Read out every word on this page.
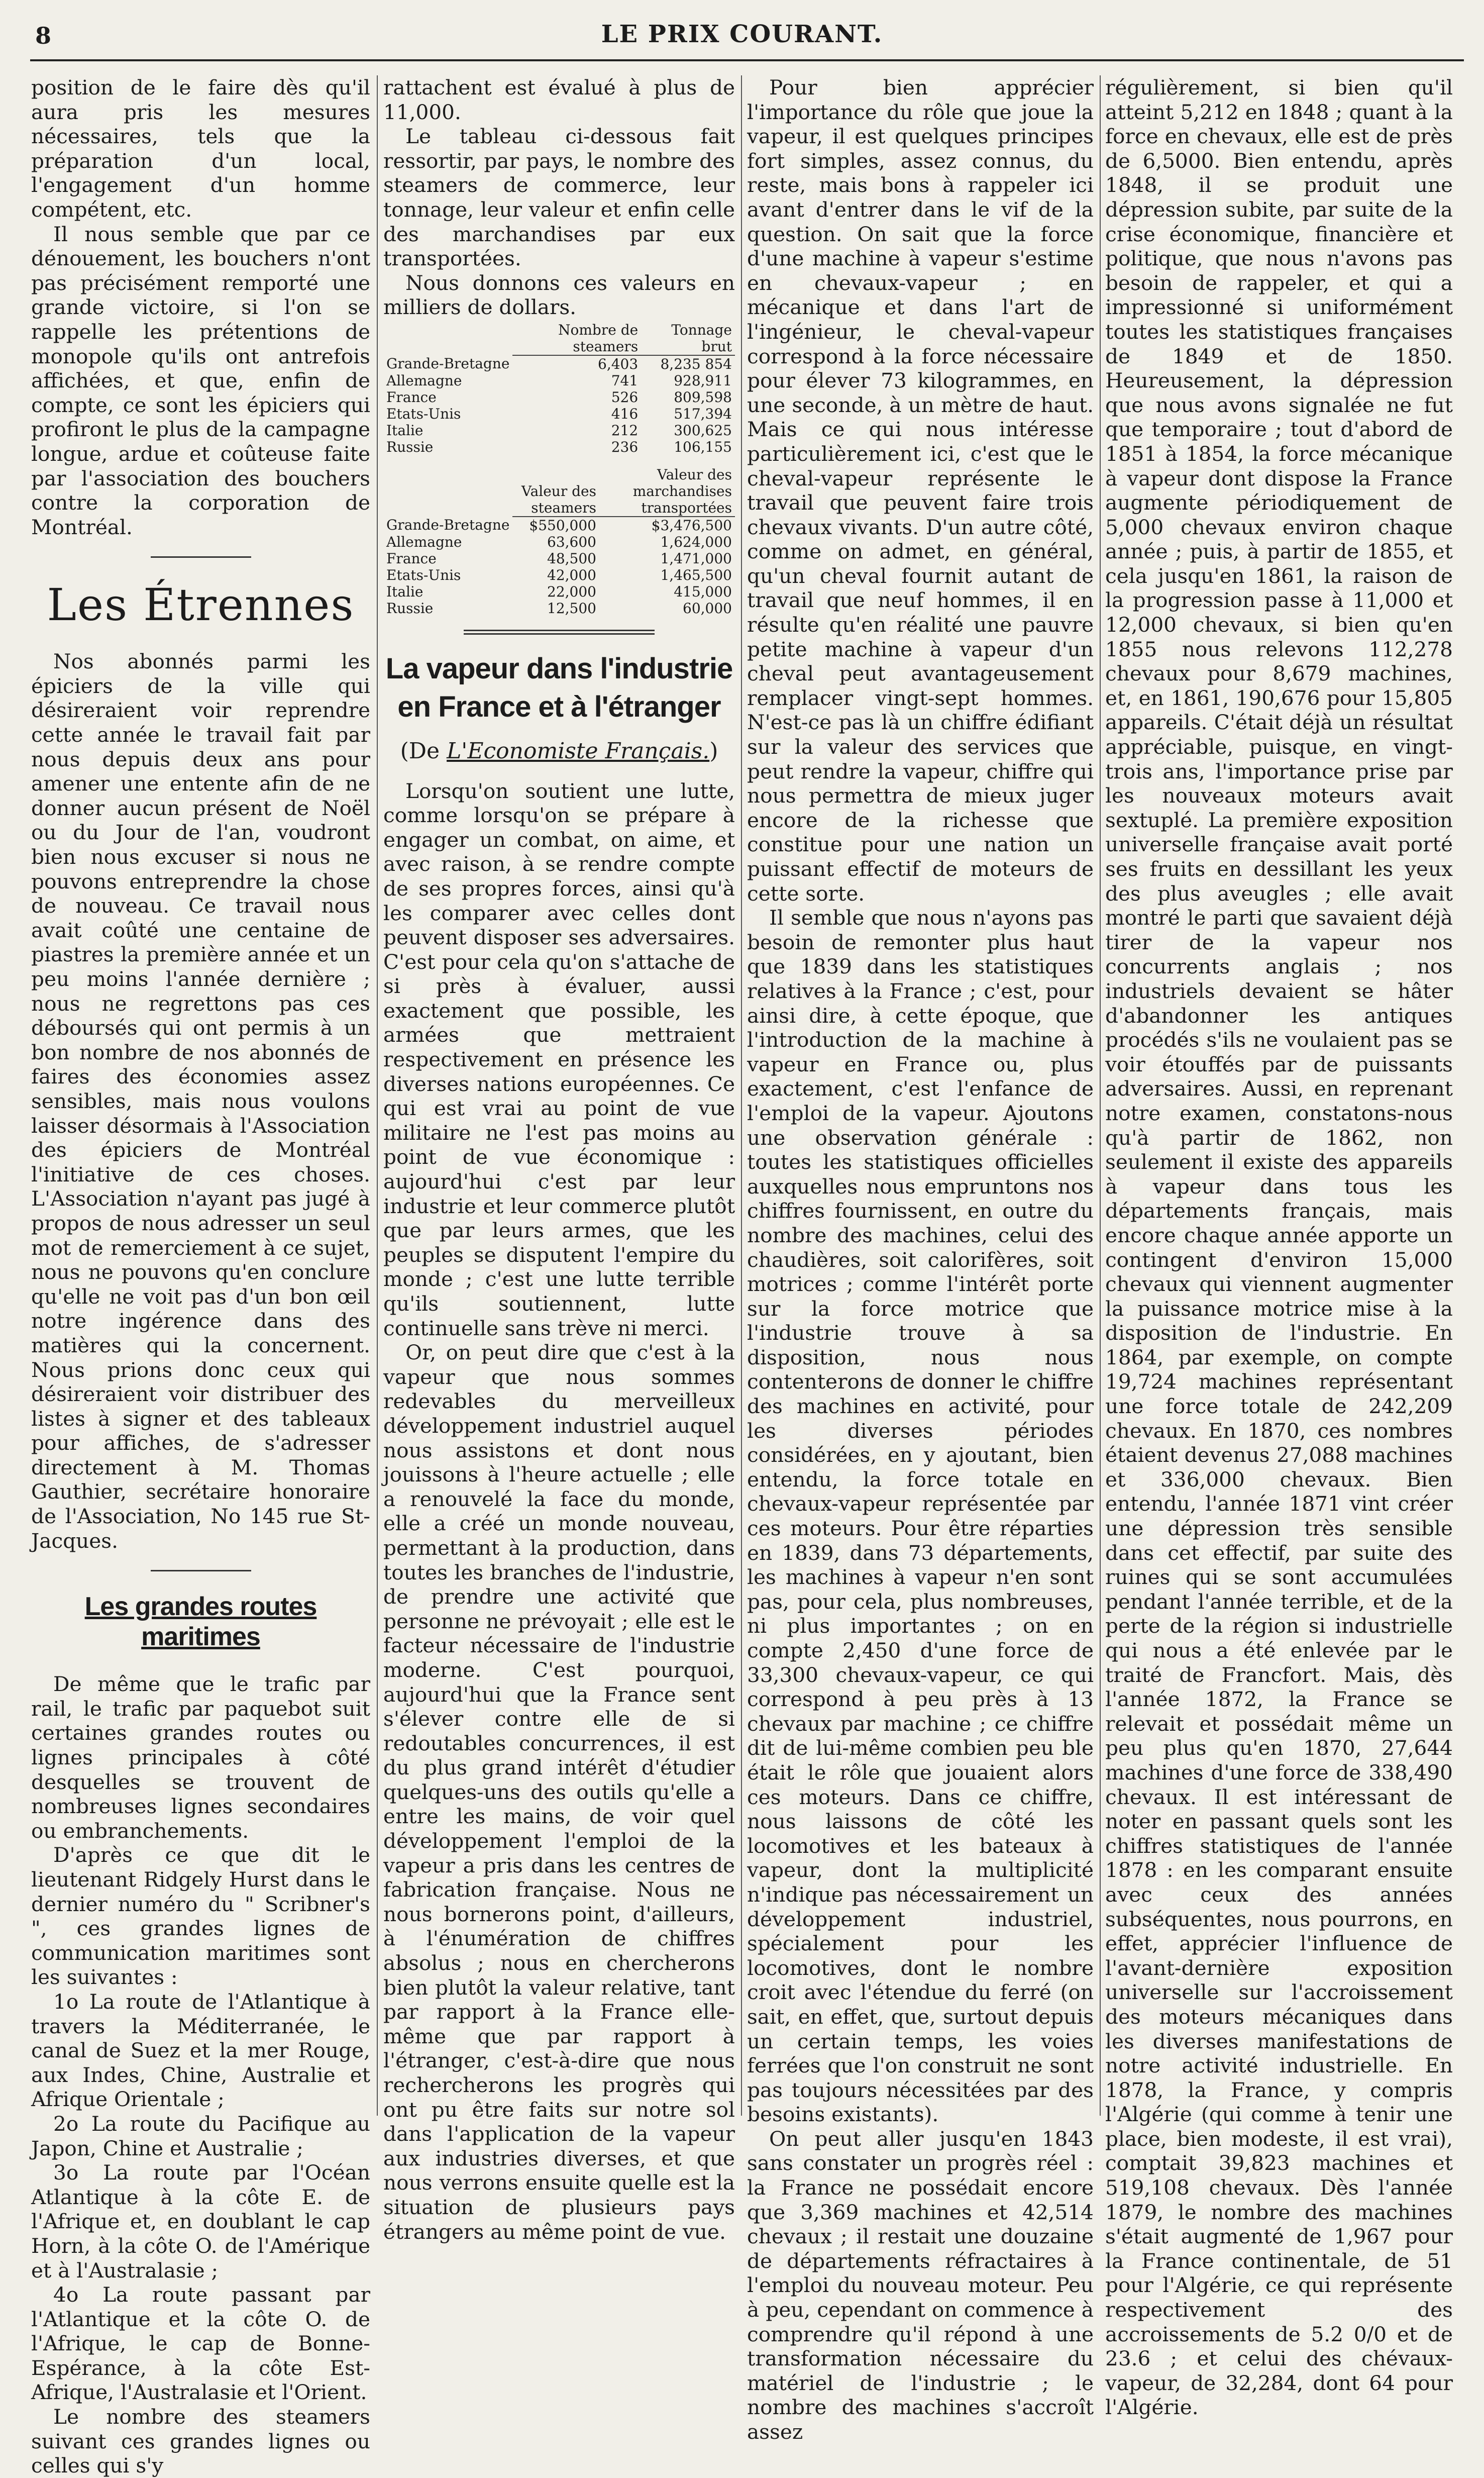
8	LE PRIX COURANT.

position de le faire dès qu'il aura pris les mesures nécessaires, tels que la préparation d'un local, l'engagement d'un homme compétent, etc.

Il nous semble que par ce dénouement, les bouchers n'ont pas précisément remporté une grande victoire, si l'on se rappelle les prétentions de monopole qu'ils ont antrefois affichées, et que, enfin de compte, ce sont les épiciers qui profiront le plus de la campagne longue, ardue et coûteuse faite par l'association des bouchers contre la corporation de Montréal.

Les Étrennes

Nos abonnés parmi les épiciers de la ville qui désireraient voir reprendre cette année le travail fait par nous depuis deux ans pour amener une entente afin de ne donner aucun présent de Noël ou du Jour de l'an, voudront bien nous excuser si nous ne pouvons entreprendre la chose de nouveau. Ce travail nous avait coûté une centaine de piastres la première année et un peu moins l'année dernière ; nous ne regrettons pas ces déboursés qui ont permis à un bon nombre de nos abonnés de faires des économies assez sensibles, mais nous voulons laisser désormais à l'Association des épiciers de Montréal l'initiative de ces choses. L'Association n'ayant pas jugé à propos de nous adresser un seul mot de remerciement à ce sujet, nous ne pouvons qu'en conclure qu'elle ne voit pas d'un bon œil notre ingérence dans des matières qui la concernent. Nous prions donc ceux qui désireraient voir distribuer des listes à signer et des tableaux pour affiches, de s'adresser directement à M. Thomas Gauthier, secrétaire honoraire de l'Association, No 145 rue St-Jacques.

Les grandes routes maritimes

De même que le trafic par rail, le trafic par paquebot suit certaines grandes routes ou lignes principales à côté desquelles se trouvent de nombreuses lignes secondaires ou embranchements.

D'après ce que dit le lieutenant Ridgely Hurst dans le dernier numéro du " Scribner's ", ces grandes lignes de communication maritimes sont les suivantes :

1o La route de l'Atlantique à travers la Méditerranée, le canal de Suez et la mer Rouge, aux Indes, Chine, Australie et Afrique Orientale ;

2o La route du Pacifique au Japon, Chine et Australie ;

3o La route par l'Océan Atlantique à la côte E. de l'Afrique et, en doublant le cap Horn, à la côte O. de l'Amérique et à l'Australasie ;

4o La route passant par l'Atlantique et la côte O. de l'Afrique, le cap de Bonne-Espérance, à la côte Est-Afrique, l'Australasie et l'Orient.

Le nombre des steamers suivant ces grandes lignes ou celles qui s'y

rattachent est évalué à plus de 11,000.

Le tableau ci-dessous fait ressortir, par pays, le nombre des steamers de commerce, leur tonnage, leur valeur et enfin celle des marchandises par eux transportées.

Nous donnons ces valeurs en milliers de dollars.

	Nombre de steamers	Tonnage brut
Grande-Bretagne	6,403	8,235 854
Allemagne	741	928,911
France	526	809,598
Etats-Unis	416	517,394
Italie	212	300,625
Russie	236	106,155
	Valeur des steamers	Valeur des marchandises transportées
Grande-Bretagne	$550,000	$3,476,500
Allemagne	63,600	1,624,000
France	48,500	1,471,000
Etats-Unis	42,000	1,465,500
Italie	22,000	415,000
Russie	12,500	60,000
La vapeur dans l'industrie en France et à l'étranger
(De L'Economiste Français.)

Lorsqu'on soutient une lutte, comme lorsqu'on se prépare à engager un combat, on aime, et avec raison, à se rendre compte de ses propres forces, ainsi qu'à les comparer avec celles dont peuvent disposer ses adversaires. C'est pour cela qu'on s'attache de si près à évaluer, aussi exactement que possible, les armées que mettraient respectivement en présence les diverses nations européennes. Ce qui est vrai au point de vue militaire ne l'est pas moins au point de vue économique : aujourd'hui c'est par leur industrie et leur commerce plutôt que par leurs armes, que les peuples se disputent l'empire du monde ; c'est une lutte terrible qu'ils soutiennent, lutte continuelle sans trève ni merci.

Or, on peut dire que c'est à la vapeur que nous sommes redevables du merveilleux développement industriel auquel nous assistons et dont nous jouissons à l'heure actuelle ; elle a renouvelé la face du monde, elle a créé un monde nouveau, permettant à la production, dans toutes les branches de l'industrie, de prendre une activité que personne ne prévoyait ; elle est le facteur nécessaire de l'industrie moderne. C'est pourquoi, aujourd'hui que la France sent s'élever contre elle de si redoutables concurrences, il est du plus grand intérêt d'étudier quelques-uns des outils qu'elle a entre les mains, de voir quel développement l'emploi de la vapeur a pris dans les centres de fabrication française. Nous ne nous bornerons point, d'ailleurs, à l'énumération de chiffres absolus ; nous en chercherons bien plutôt la valeur relative, tant par rapport à la France elle-même que par rapport à l'étranger, c'est-à-dire que nous rechercherons les progrès qui ont pu être faits sur notre sol dans l'application de la vapeur aux industries diverses, et que nous verrons ensuite quelle est la situation de plusieurs pays étrangers au même point de vue.

Pour bien apprécier l'importance du rôle que joue la vapeur, il est quelques principes fort simples, assez connus, du reste, mais bons à rappeler ici avant d'entrer dans le vif de la question. On sait que la force d'une machine à vapeur s'estime en chevaux-vapeur ; en mécanique et dans l'art de l'ingénieur, le cheval-vapeur correspond à la force nécessaire pour élever 73 kilogrammes, en une seconde, à un mètre de haut. Mais ce qui nous intéresse particulièrement ici, c'est que le cheval-vapeur représente le travail que peuvent faire trois chevaux vivants. D'un autre côté, comme on admet, en général, qu'un cheval fournit autant de travail que neuf hommes, il en résulte qu'en réalité une pauvre petite machine à vapeur d'un cheval peut avantageusement remplacer vingt-sept hommes. N'est-ce pas là un chiffre édifiant sur la valeur des services que peut rendre la vapeur, chiffre qui nous permettra de mieux juger encore de la richesse que constitue pour une nation un puissant effectif de moteurs de cette sorte.

Il semble que nous n'ayons pas besoin de remonter plus haut que 1839 dans les statistiques relatives à la France ; c'est, pour ainsi dire, à cette époque, que l'introduction de la machine à vapeur en France ou, plus exactement, c'est l'enfance de l'emploi de la vapeur. Ajoutons une observation générale : toutes les statistiques officielles auxquelles nous empruntons nos chiffres fournissent, en outre du nombre des machines, celui des chaudières, soit calorifères, soit motrices ; comme l'intérêt porte sur la force motrice que l'industrie trouve à sa disposition, nous nous contenterons de donner le chiffre des machines en activité, pour les diverses périodes considérées, en y ajoutant, bien entendu, la force totale en chevaux-vapeur représentée par ces moteurs. Pour être réparties en 1839, dans 73 départements, les machines à vapeur n'en sont pas, pour cela, plus nombreuses, ni plus importantes ; on en compte 2,450 d'une force de 33,300 chevaux-vapeur, ce qui correspond à peu près à 13 chevaux par machine ; ce chiffre dit de lui-même combien peu ble était le rôle que jouaient alors ces moteurs. Dans ce chiffre, nous laissons de côté les locomotives et les bateaux à vapeur, dont la multiplicité n'indique pas nécessairement un développement industriel, spécialement pour les locomotives, dont le nombre croit avec l'étendue du ferré (on sait, en effet, que, surtout depuis un certain temps, les voies ferrées que l'on construit ne sont pas toujours nécessitées par des besoins existants).

On peut aller jusqu'en 1843 sans constater un progrès réel : la France ne possédait encore que 3,369 machines et 42,514 chevaux ; il restait une douzaine de départements réfractaires à l'emploi du nouveau moteur. Peu à peu, cependant on commence à comprendre qu'il répond à une transformation nécessaire du matériel de l'industrie ; le nombre des machines s'accroît assez

régulièrement, si bien qu'il atteint 5,212 en 1848 ; quant à la force en chevaux, elle est de près de 6,5000. Bien entendu, après 1848, il se produit une dépression subite, par suite de la crise économique, financière et politique, que nous n'avons pas besoin de rappeler, et qui a impressionné si uniformément toutes les statistiques françaises de 1849 et de 1850. Heureusement, la dépression que nous avons signalée ne fut que temporaire ; tout d'abord de 1851 à 1854, la force mécanique à vapeur dont dispose la France augmente périodiquement de 5,000 chevaux environ chaque année ; puis, à partir de 1855, et cela jusqu'en 1861, la raison de la progression passe à 11,000 et 12,000 chevaux, si bien qu'en 1855 nous relevons 112,278 chevaux pour 8,679 machines, et, en 1861, 190,676 pour 15,805 appareils. C'était déjà un résultat appréciable, puisque, en vingt-trois ans, l'importance prise par les nouveaux moteurs avait sextuplé. La première exposition universelle française avait porté ses fruits en dessillant les yeux des plus aveugles ; elle avait montré le parti que savaient déjà tirer de la vapeur nos concurrents anglais ; nos industriels devaient se hâter d'abandonner les antiques procédés s'ils ne voulaient pas se voir étouffés par de puissants adversaires. Aussi, en reprenant notre examen, constatons-nous qu'à partir de 1862, non seulement il existe des appareils à vapeur dans tous les départements français, mais encore chaque année apporte un contingent d'environ 15,000 chevaux qui viennent augmenter la puissance motrice mise à la disposition de l'industrie. En 1864, par exemple, on compte 19,724 machines représentant une force totale de 242,209 chevaux. En 1870, ces nombres étaient devenus 27,088 machines et 336,000 chevaux. Bien entendu, l'année 1871 vint créer une dépression très sensible dans cet effectif, par suite des ruines qui se sont accumulées pendant l'année terrible, et de la perte de la région si industrielle qui nous a été enlevée par le traité de Francfort. Mais, dès l'année 1872, la France se relevait et possédait même un peu plus qu'en 1870, 27,644 machines d'une force de 338,490 chevaux. Il est intéressant de noter en passant quels sont les chiffres statistiques de l'année 1878 : en les comparant ensuite avec ceux des années subséquentes, nous pourrons, en effet, apprécier l'influence de l'avant-dernière exposition universelle sur l'accroissement des moteurs mécaniques dans les diverses manifestations de notre activité industrielle. En 1878, la France, y compris l'Algérie (qui comme à tenir une place, bien modeste, il est vrai), comptait 39,823 machines et 519,108 chevaux. Dès l'année 1879, le nombre des machines s'était augmenté de 1,967 pour la France continentale, de 51 pour l'Algérie, ce qui représente respectivement des accroissements de 5.2 0/0 et de 23.6 ; et celui des chévaux-vapeur, de 32,284, dont 64 pour l'Algérie.
